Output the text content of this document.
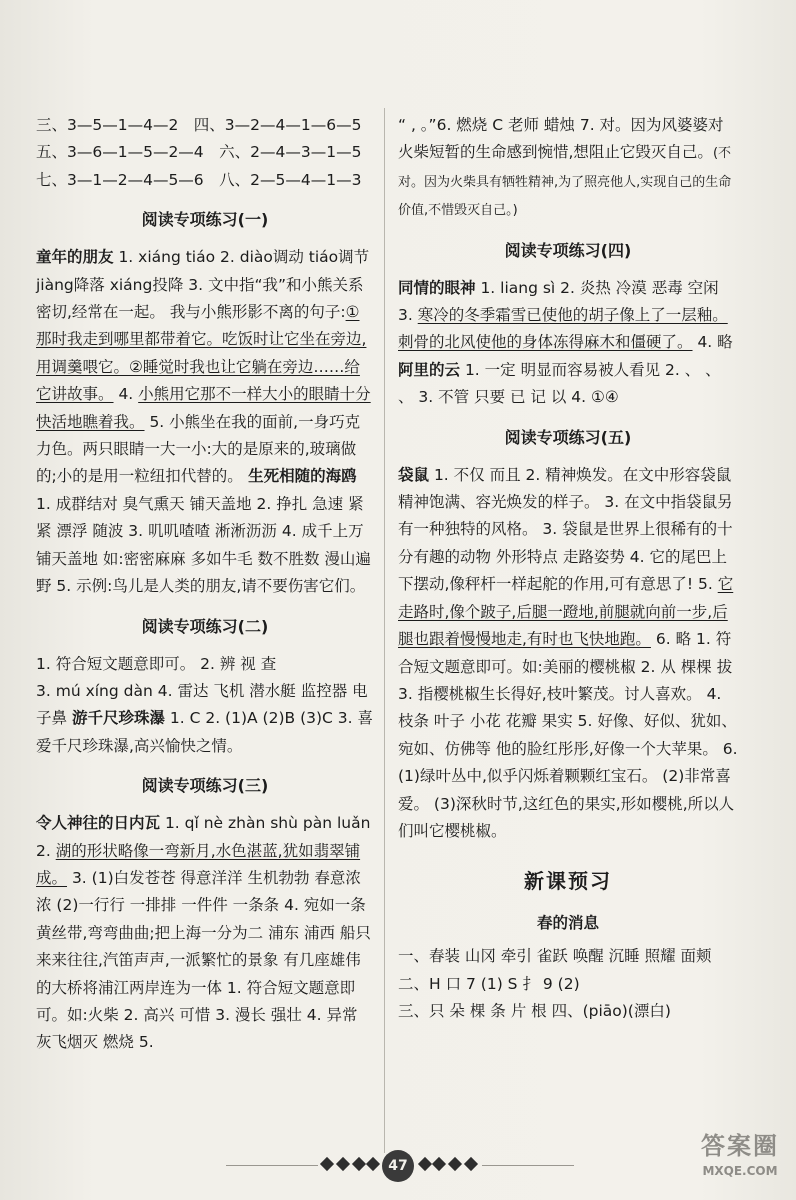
三、3—5—1—4—2　四、3—2—4—1—6—5

五、3—6—1—5—2—4　六、2—4—3—1—5

七、3—1—2—4—5—6　八、2—5—4—1—3

阅读专项练习(一)

童年的朋友 1. xiáng tiáo 2. diào调动 tiáo调节 jiàng降落 xiáng投降 3. 文中指“我”和小熊关系密切,经常在一起。 我与小熊形影不离的句子:①那时我走到哪里都带着它。吃饭时让它坐在旁边,用调羹喂它。②睡觉时我也让它躺在旁边……给它讲故事。 4. 小熊用它那不一样大小的眼睛十分快活地瞧着我。 5. 小熊坐在我的面前,一身巧克力色。两只眼睛一大一小:大的是原来的,玻璃做的;小的是用一粒纽扣代替的。 生死相随的海鸥 1. 成群结对 臭气熏天 铺天盖地 2. 挣扎 急速 紧紧 漂浮 随波 3. 叽叽喳喳 淅淅沥沥 4. 成千上万 铺天盖地 如:密密麻麻 多如牛毛 数不胜数 漫山遍野 5. 示例:鸟儿是人类的朋友,请不要伤害它们。

阅读专项练习(二)

1. 符合短文题意即可。 2. 辨 视 查

3. mú xíng dàn 4. 雷达 飞机 潜水艇 监控器 电子鼻 游千尺珍珠瀑 1. C 2. (1)A (2)B (3)C 3. 喜爱千尺珍珠瀑,高兴愉快之情。

阅读专项练习(三)

令人神往的日内瓦 1. qǐ nè zhàn shù pàn luǎn 2. 湖的形状略像一弯新月,水色湛蓝,犹如翡翠铺成。 3. (1)白发苍苍 得意洋洋 生机勃勃 春意浓浓 (2)一行行 一排排 一件件 一条条 4. 宛如一条黄丝带,弯弯曲曲;把上海一分为二 浦东 浦西 船只来来往往,汽笛声声,一派繁忙的景象 有几座雄伟的大桥将浦江两岸连为一体 1. 符合短文题意即可。如:火柴 2. 高兴 可惜 3. 漫长 强壮 4. 异常 灰飞烟灭 燃烧 5.

“ , 。”6. 燃烧 C 老师 蜡烛 7. 对。因为风婆婆对火柴短暂的生命感到惋惜,想阻止它毁灭自己。(不对。因为火柴具有牺牲精神,为了照亮他人,实现自己的生命价值,不惜毁灭自己。)

阅读专项练习(四)

同情的眼神 1. liang sì 2. 炎热 冷漠 恶毒 空闲 3. 寒冷的冬季霜雪已使他的胡子像上了一层釉。刺骨的北风使他的身体冻得麻木和僵硬了。 4. 略 阿里的云 1. 一定 明显而容易被人看见 2. 、 、 、 3. 不管 只要 已 记 以 4. ①④

阅读专项练习(五)

袋鼠 1. 不仅 而且 2. 精神焕发。在文中形容袋鼠精神饱满、容光焕发的样子。 3. 在文中指袋鼠另有一种独特的风格。 3. 袋鼠是世界上很稀有的十分有趣的动物 外形特点 走路姿势 4. 它的尾巴上下摆动,像秤杆一样起舵的作用,可有意思了! 5. 它走路时,像个跛子,后腿一蹬地,前腿就向前一步,后腿也跟着慢慢地走,有时也飞快地跑。 6. 略 1. 符合短文题意即可。如:美丽的樱桃椒 2. 从 棵棵 拔 3. 指樱桃椒生长得好,枝叶繁茂。讨人喜欢。 4. 枝条 叶子 小花 花瓣 果实 5. 好像、好似、犹如、宛如、仿佛等 他的脸红彤彤,好像一个大苹果。 6. (1)绿叶丛中,似乎闪烁着颗颗红宝石。 (2)非常喜爱。 (3)深秋时节,这红色的果实,形如樱桃,所以人们叫它樱桃椒。

新课预习
春的消息

一、春装 山冈 牵引 雀跃 唤醒 沉睡 照耀 面颊 二、H 口 7 (1) S 扌 9 (2)

三、只 朵 棵 条 片 根 四、(piāo)(漂白)

47
答案圈
MXQE.COM
